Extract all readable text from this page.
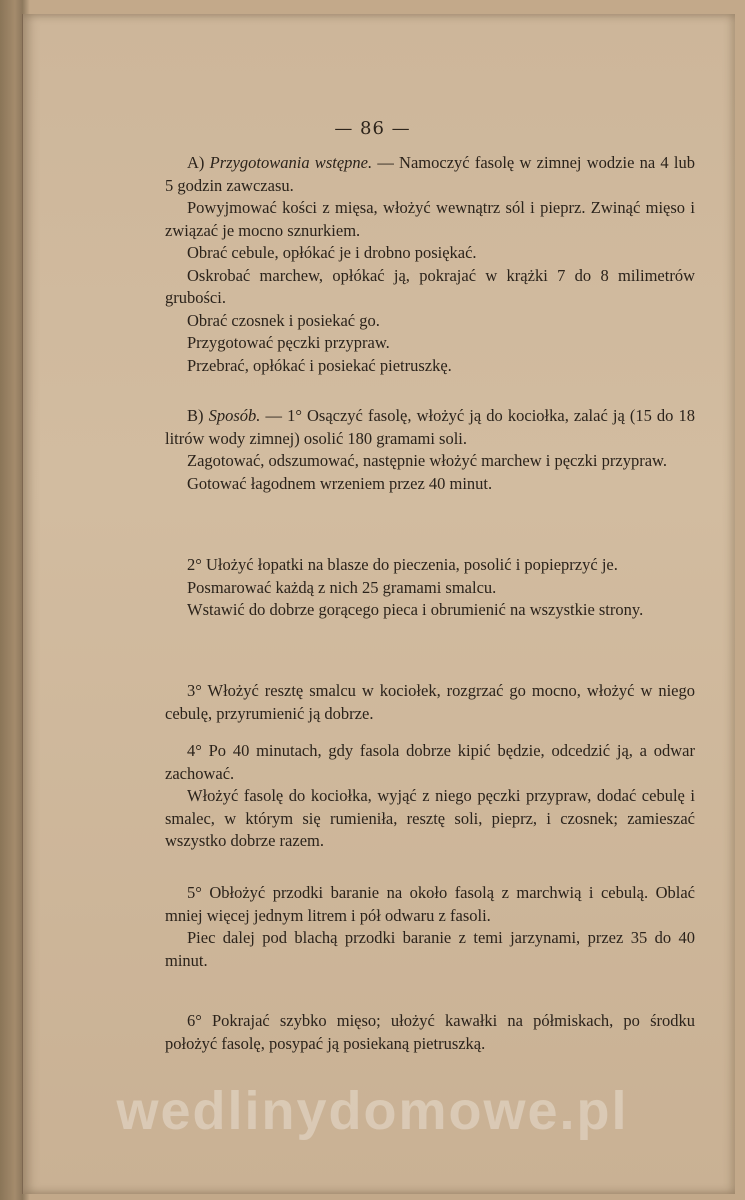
— 86 —

A) Przygotowania wstępne. — Namoczyć fasolę w zimnej wodzie na 4 lub 5 godzin zawczasu.

Powyjmować kości z mięsa, włożyć wewnątrz sól i pieprz. Zwinąć mięso i związać je mocno sznurkiem.

Obrać cebule, opłókać je i drobno posiękać.

Oskrobać marchew, opłókać ją, pokrajać w krążki 7 do 8 milimetrów grubości.

Obrać czosnek i posiekać go.

Przygotować pęczki przypraw.

Przebrać, opłókać i posiekać pietruszkę.

B) Sposób. — 1° Osączyć fasolę, włożyć ją do kociołka, zalać ją (15 do 18 litrów wody zimnej) osolić 180 gramami soli.

Zagotować, odszumować, następnie włożyć marchew i pęczki przypraw.

Gotować łagodnem wrzeniem przez 40 minut.

2° Ułożyć łopatki na blasze do pieczenia, posolić i popieprzyć je.

Posmarować każdą z nich 25 gramami smalcu.

Wstawić do dobrze gorącego pieca i obrumienić na wszystkie strony.

3° Włożyć resztę smalcu w kociołek, rozgrzać go mocno, włożyć w niego cebulę, przyrumienić ją dobrze.

4° Po 40 minutach, gdy fasola dobrze kipić będzie, odcedzić ją, a odwar zachować.

Włożyć fasolę do kociołka, wyjąć z niego pęczki przypraw, dodać cebulę i smalec, w którym się rumieniła, resztę soli, pieprz, i czosnek; zamieszać wszystko dobrze razem.

5° Obłożyć przodki baranie na około fasolą z marchwią i cebulą. Oblać mniej więcej jednym litrem i pół odwaru z fasoli.

Piec dalej pod blachą przodki baranie z temi jarzynami, przez 35 do 40 minut.

6° Pokrajać szybko mięso; ułożyć kawałki na półmiskach, po środku położyć fasolę, posypać ją posiekaną pietruszką.

wedlinydomowe.pl
